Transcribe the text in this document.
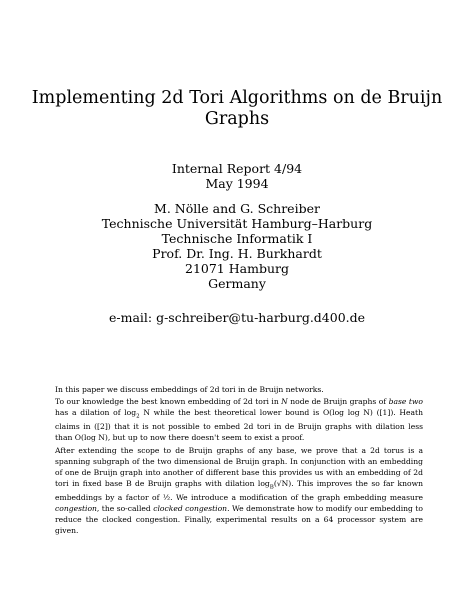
Implementing 2d Tori Algorithms on de Bruijn
Graphs
Internal Report 4/94
May 1994
M. Nölle and G. Schreiber
Technische Universität Hamburg–Harburg
Technische Informatik I
Prof. Dr. Ing. H. Burkhardt
21071 Hamburg
Germany
e-mail: g-schreiber@tu-harburg.d400.de

In this paper we discuss embeddings of 2d tori in de Bruijn networks.

To our knowledge the best known embedding of 2d tori in N node de Bruijn graphs of base two has a dilation of $\log_2 N$ while the best theoretical lower bound is O(log log N) ([1]). Heath claims in ([2]) that it is not possible to embed 2d tori in de Bruijn graphs with dilation less than O(log N), but up to now there doesn't seem to exist a proof.

After extending the scope to de Bruijn graphs of any base, we prove that a 2d torus is a spanning subgraph of the two dimensional de Bruijn graph. In conjunction with an embedding of one de Bruijn graph into another of different base this provides us with an embedding of 2d tori in fixed base B de Bruijn graphs with dilation $\log_B(√N)$. This improves the so far known embeddings by a factor of ½. We introduce a modification of the graph embedding measure congestion, the so-called clocked congestion. We demonstrate how to modify our embedding to reduce the clocked congestion. Finally, experimental results on a 64 processor system are given.
